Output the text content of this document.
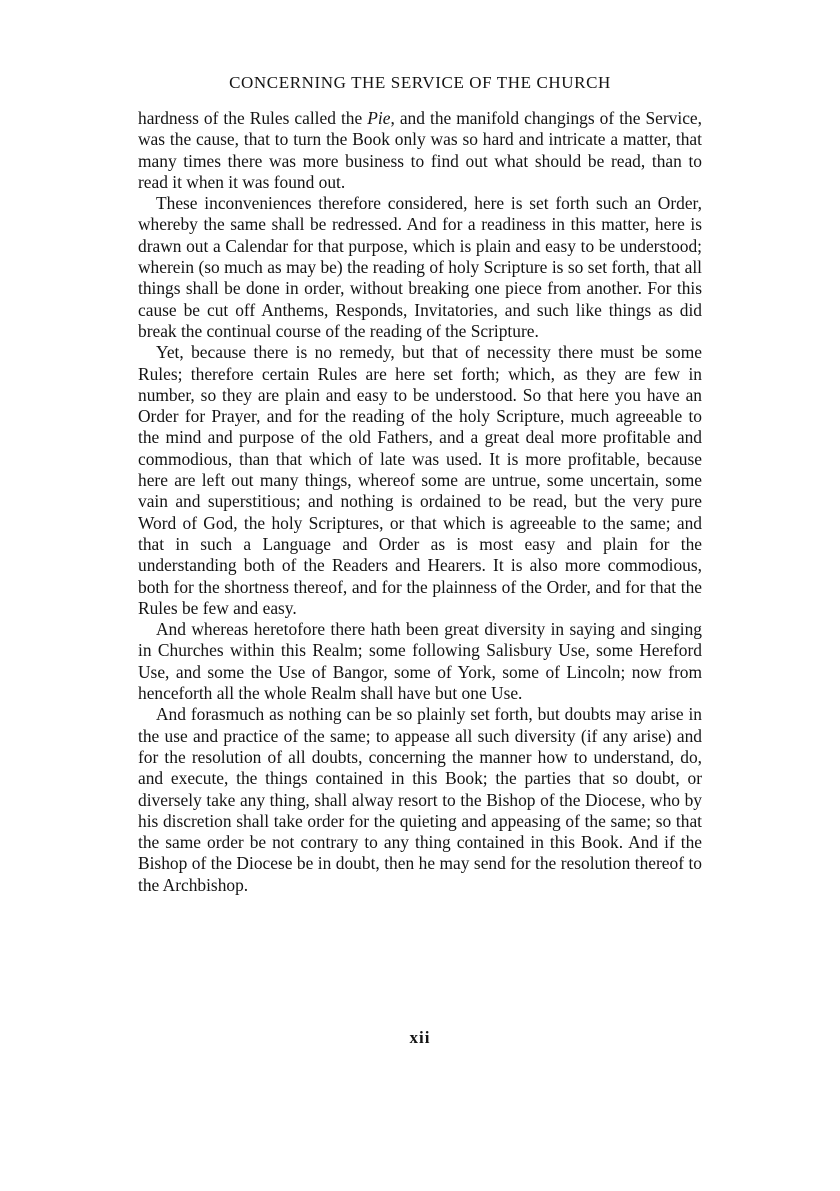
CONCERNING THE SERVICE OF THE CHURCH

hardness of the Rules called the Pie, and the manifold changings of the Service, was the cause, that to turn the Book only was so hard and intricate a matter, that many times there was more business to find out what should be read, than to read it when it was found out.

These inconveniences therefore considered, here is set forth such an Order, whereby the same shall be redressed. And for a readiness in this matter, here is drawn out a Calendar for that purpose, which is plain and easy to be understood; wherein (so much as may be) the reading of holy Scripture is so set forth, that all things shall be done in order, without breaking one piece from another. For this cause be cut off Anthems, Responds, Invitatories, and such like things as did break the continual course of the reading of the Scripture.

Yet, because there is no remedy, but that of necessity there must be some Rules; therefore certain Rules are here set forth; which, as they are few in number, so they are plain and easy to be understood. So that here you have an Order for Prayer, and for the reading of the holy Scripture, much agreeable to the mind and purpose of the old Fathers, and a great deal more profitable and commodious, than that which of late was used. It is more profitable, because here are left out many things, whereof some are untrue, some uncertain, some vain and superstitious; and nothing is ordained to be read, but the very pure Word of God, the holy Scriptures, or that which is agreeable to the same; and that in such a Language and Order as is most easy and plain for the understanding both of the Readers and Hearers. It is also more commodious, both for the shortness thereof, and for the plainness of the Order, and for that the Rules be few and easy.

And whereas heretofore there hath been great diversity in saying and singing in Churches within this Realm; some following Salisbury Use, some Hereford Use, and some the Use of Bangor, some of York, some of Lincoln; now from henceforth all the whole Realm shall have but one Use.

And forasmuch as nothing can be so plainly set forth, but doubts may arise in the use and practice of the same; to appease all such diversity (if any arise) and for the resolution of all doubts, concerning the manner how to understand, do, and execute, the things contained in this Book; the parties that so doubt, or diversely take any thing, shall alway resort to the Bishop of the Diocese, who by his discretion shall take order for the quieting and appeasing of the same; so that the same order be not contrary to any thing contained in this Book. And if the Bishop of the Diocese be in doubt, then he may send for the resolution thereof to the Archbishop.

xii
